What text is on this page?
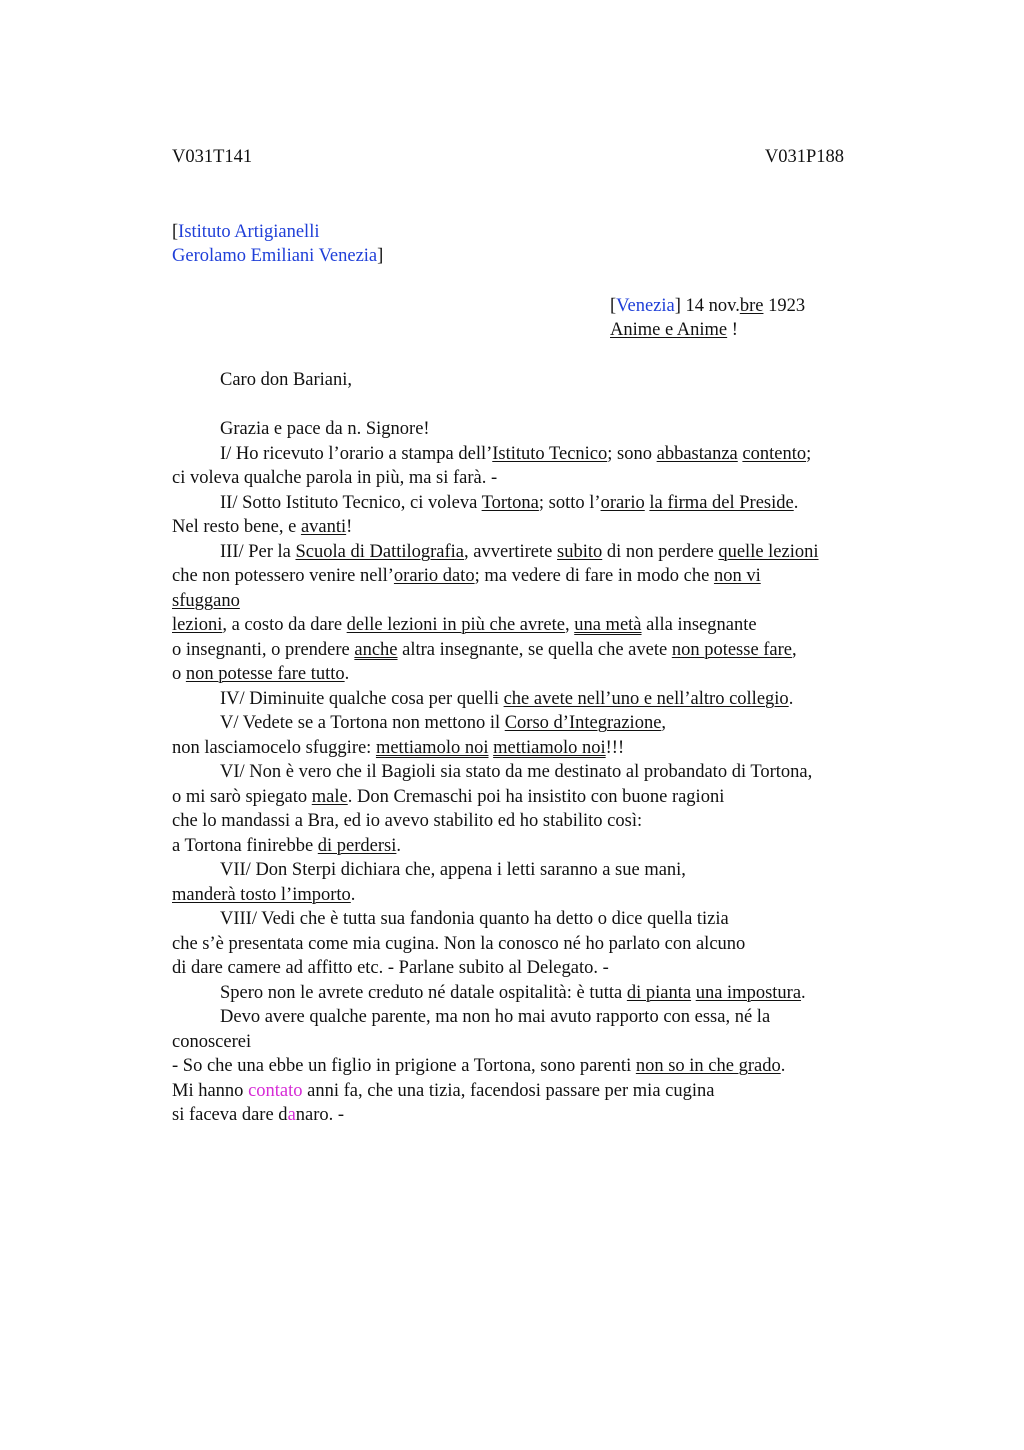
V031T141	V031P188
[Istituto Artigianelli
Gerolamo Emiliani Venezia]
[Venezia] 14 nov.bre 1923
Anime e Anime !
Caro don Bariani,
Grazia e pace da n. Signore!
I/ Ho ricevuto l’orario a stampa dell’Istituto Tecnico; sono abbastanza contento;
ci voleva qualche parola in più, ma si farà. -
II/ Sotto Istituto Tecnico, ci voleva Tortona; sotto l’orario la firma del Preside.
Nel resto bene, e avanti!
III/ Per la Scuola di Dattilografia, avvertirete subito di non perdere quelle lezioni
che non potessero venire nell’orario dato; ma vedere di fare in modo che non vi
sfuggano
lezioni, a costo da dare delle lezioni in più che avrete, una metà alla insegnante
o insegnanti, o prendere anche altra insegnante, se quella che avete non potesse fare,
o non potesse fare tutto.
IV/ Diminuite qualche cosa per quelli che avete nell’uno e nell’altro collegio.
V/ Vedete se a Tortona non mettono il Corso d’Integrazione,
non lasciamocelo sfuggire: mettiamolo noi mettiamolo noi!!!
VI/ Non è vero che il Bagioli sia stato da me destinato al probandato di Tortona,
o mi sarò spiegato male. Don Cremaschi poi ha insistito con buone ragioni
che lo mandassi a Bra, ed io avevo stabilito ed ho stabilito così:
a Tortona finirebbe di perdersi.
VII/ Don Sterpi dichiara che, appena i letti saranno a sue mani,
manderà tosto l’importo.
VIII/ Vedi che è tutta sua fandonia quanto ha detto o dice quella tizia
che s’è presentata come mia cugina. Non la conosco né ho parlato con alcuno
di dare camere ad affitto etc. - Parlane subito al Delegato. -
Spero non le avrete creduto né datale ospitalità: è tutta di pianta una impostura.
Devo avere qualche parente, ma non ho mai avuto rapporto con essa, né la
conoscerei
- So che una ebbe un figlio in prigione a Tortona, sono parenti non so in che grado.
Mi hanno contato anni fa, che una tizia, facendosi passare per mia cugina
si faceva dare danaro. -
